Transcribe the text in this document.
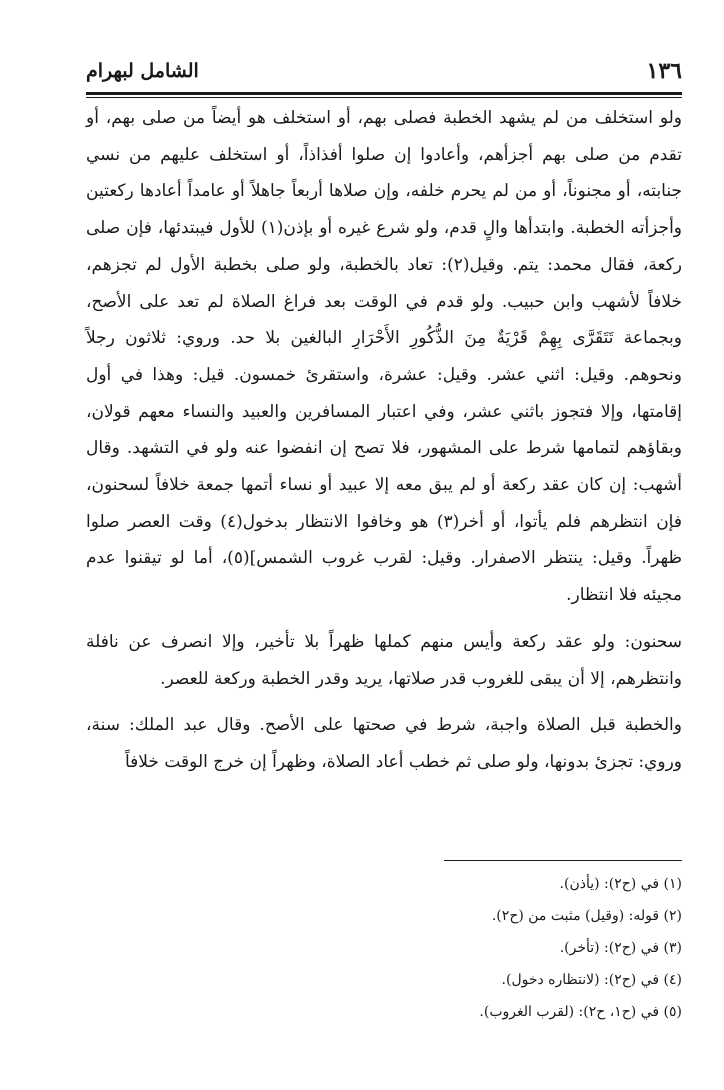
١٣٦
الشامل لبهرام

ولو استخلف من لم يشهد الخطبة فصلى بهم، أو استخلف هو أيضاً من صلى بهم، أو تقدم من صلى بهم أجزأهم، وأعادوا إن صلوا أفذاذاً، أو استخلف عليهم من نسي جنابته، أو مجنوناً، أو من لم يحرم خلفه، وإن صلاها أربعاً جاهلاً أو عامداً أعادها ركعتين وأجزأته الخطبة. وابتدأها والٍ قدم، ولو شرع غيره أو بإذن(١) للأول فيبتدئها، فإن صلى ركعة، فقال محمد: يتم. وقيل(٢): تعاد بالخطبة، ولو صلى بخطبة الأول لم تجزهم، خلافاً لأشهب وابن حبيب. ولو قدم في الوقت بعد فراغ الصلاة لم تعد على الأصح، وبجماعة تَتَقَرَّى بِهِمْ قَرْيَةٌ مِنَ الذُّكُورِ الأَحْرَارِ البالغين بلا حد. وروي: ثلاثون رجلاً ونحوهم. وقيل: اثني عشر. وقيل: عشرة، واستقرئ خمسون. قيل: وهذا في أول إقامتها، وإلا فتجوز باثني عشر، وفي اعتبار المسافرين والعبيد والنساء معهم قولان، وبقاؤهم لتمامها شرط على المشهور، فلا تصح إن انفضوا عنه ولو في التشهد. وقال أشهب: إن كان عقد ركعة أو لم يبق معه إلا عبيد أو نساء أتمها جمعة خلافاً لسحنون، فإن انتظرهم فلم يأتوا، أو أخر(٣) هو وخافوا الانتظار بدخول(٤) وقت العصر صلوا ظهراً. وقيل: ينتظر الاصفرار. وقيل: لقرب غروب الشمس](٥)، أما لو تيقنوا عدم مجيئه فلا انتظار.

سحنون: ولو عقد ركعة وأيس منهم كملها ظهراً بلا تأخير، وإلا انصرف عن نافلة وانتظرهم، إلا أن يبقى للغروب قدر صلاتها، يريد وقدر الخطبة وركعة للعصر.

والخطبة قبل الصلاة واجبة، شرط في صحتها على الأصح. وقال عبد الملك: سنة، وروي: تجزئ بدونها، ولو صلى ثم خطب أعاد الصلاة، وظهراً إن خرج الوقت خلافاً

(١) في (ح٢): (يأذن).
(٢) قوله: (وقيل) مثبت من (ح٢).
(٣) في (ح٢): (تأخر).
(٤) في (ح٢): (لانتظاره دخول).
(٥) في (ح١، ح٢): (لقرب الغروب).
